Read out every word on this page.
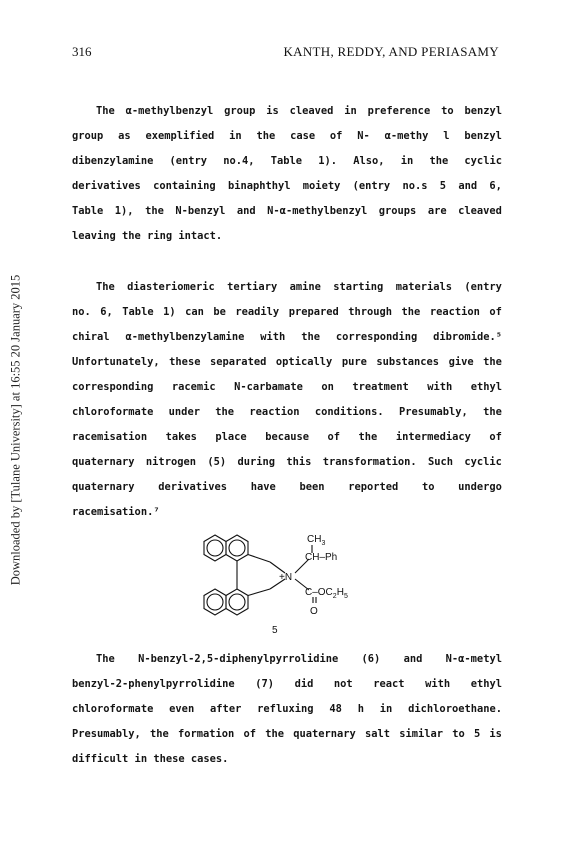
316	KANTH, REDDY, AND PERIASAMY
Downloaded by [Tulane University] at 16:55 20 January 2015
The α-methylbenzyl group is cleaved in preference to benzyl
group as exemplified in the case of N- α-methy l benzyl
dibenzylamine (entry no.4, Table 1). Also, in the cyclic
derivatives containing binaphthyl moiety (entry no.s 5 and 6,
Table 1), the N-benzyl and N-α-methylbenzyl groups are cleaved
leaving the ring intact.
The diasteriomeric tertiary amine starting materials (entry
no. 6, Table 1) can be readily prepared through the reaction of
chiral α-methylbenzylamine with the corresponding dibromide.⁵
Unfortunately, these separated optically pure substances give the
corresponding racemic N-carbamate on treatment with ethyl
chloroformate under the reaction conditions. Presumably, the
racemisation takes place because of the intermediacy of
quaternary nitrogen (5) during this transformation. Such cyclic
quaternary derivatives have been reported to undergo
racemisation.⁷
$CH_3$
CH–Ph
+N
$C-OC_2H_5$
O
5
The N-benzyl-2,5-diphenylpyrrolidine (6) and N-α-metyl
benzyl-2-phenylpyrrolidine (7) did not react with ethyl
chloroformate even after refluxing 48 h in dichloroethane.
Presumably, the formation of the quaternary salt similar to 5 is
difficult in these cases.
